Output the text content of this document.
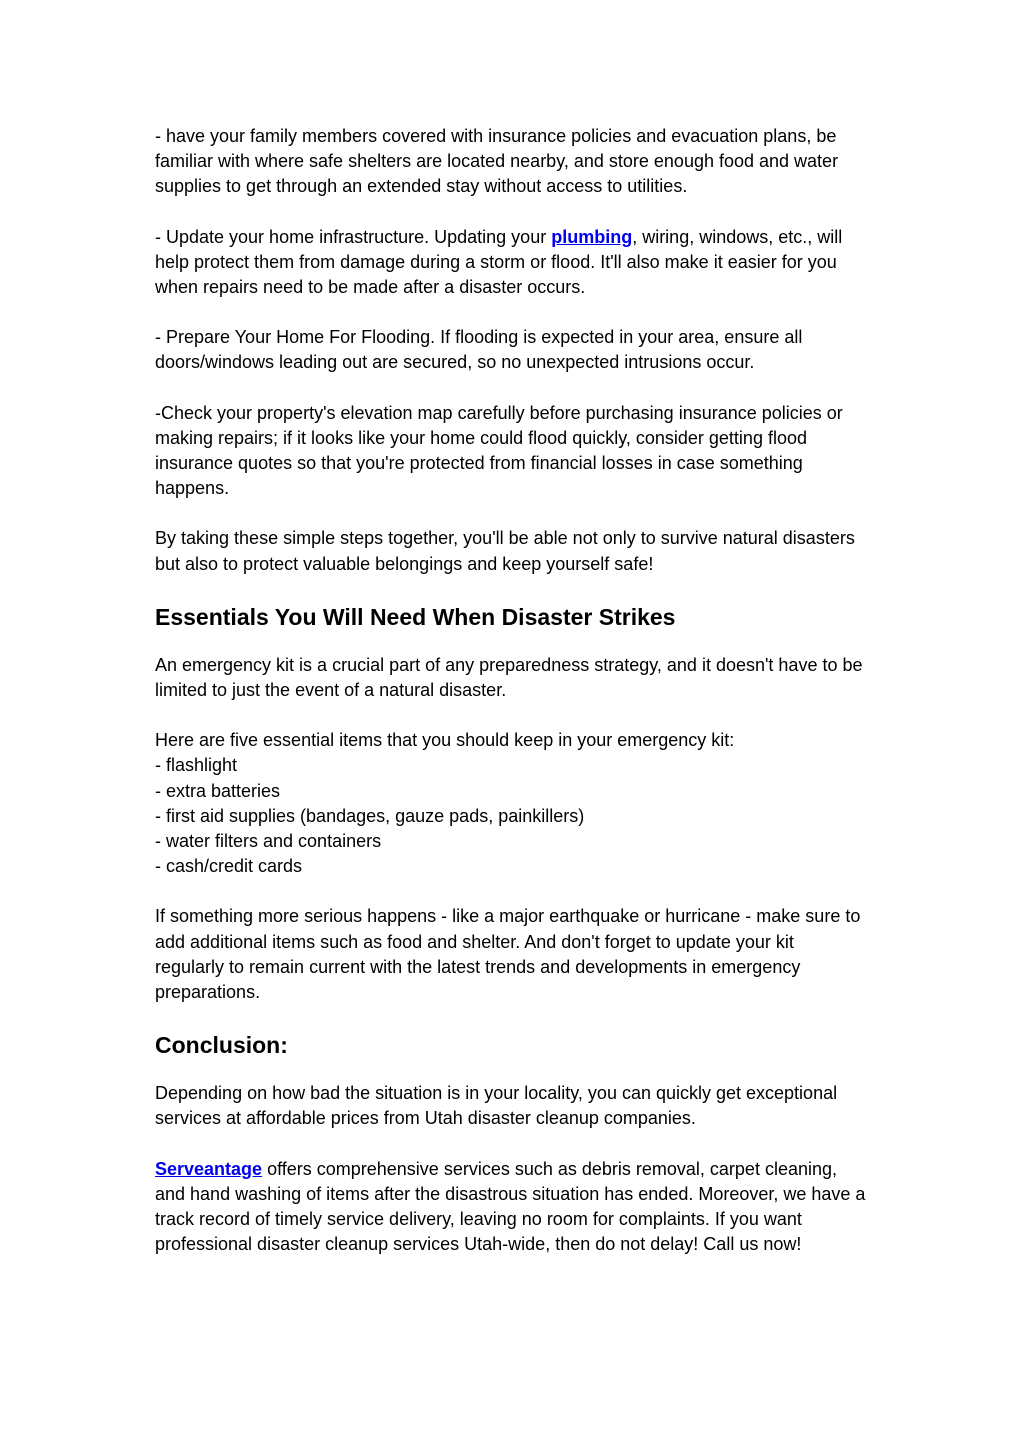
- have your family members covered with insurance policies and evacuation plans, be familiar with where safe shelters are located nearby, and store enough food and water supplies to get through an extended stay without access to utilities.

- Update your home infrastructure. Updating your plumbing, wiring, windows, etc., will help protect them from damage during a storm or flood. It'll also make it easier for you when repairs need to be made after a disaster occurs.

- Prepare Your Home For Flooding. If flooding is expected in your area, ensure all doors/windows leading out are secured, so no unexpected intrusions occur.

-Check your property's elevation map carefully before purchasing insurance policies or making repairs; if it looks like your home could flood quickly, consider getting flood insurance quotes so that you're protected from financial losses in case something happens.

By taking these simple steps together, you'll be able not only to survive natural disasters but also to protect valuable belongings and keep yourself safe!

Essentials You Will Need When Disaster Strikes

An emergency kit is a crucial part of any preparedness strategy, and it doesn't have to be limited to just the event of a natural disaster.

Here are five essential items that you should keep in your emergency kit:
- flashlight
- extra batteries
- first aid supplies (bandages, gauze pads, painkillers)
- water filters and containers
- cash/credit cards

If something more serious happens - like a major earthquake or hurricane - make sure to add additional items such as food and shelter. And don't forget to update your kit regularly to remain current with the latest trends and developments in emergency preparations.

Conclusion:

Depending on how bad the situation is in your locality, you can quickly get exceptional services at affordable prices from Utah disaster cleanup companies.

Serveantage offers comprehensive services such as debris removal, carpet cleaning, and hand washing of items after the disastrous situation has ended. Moreover, we have a track record of timely service delivery, leaving no room for complaints. If you want professional disaster cleanup services Utah-wide, then do not delay! Call us now!
